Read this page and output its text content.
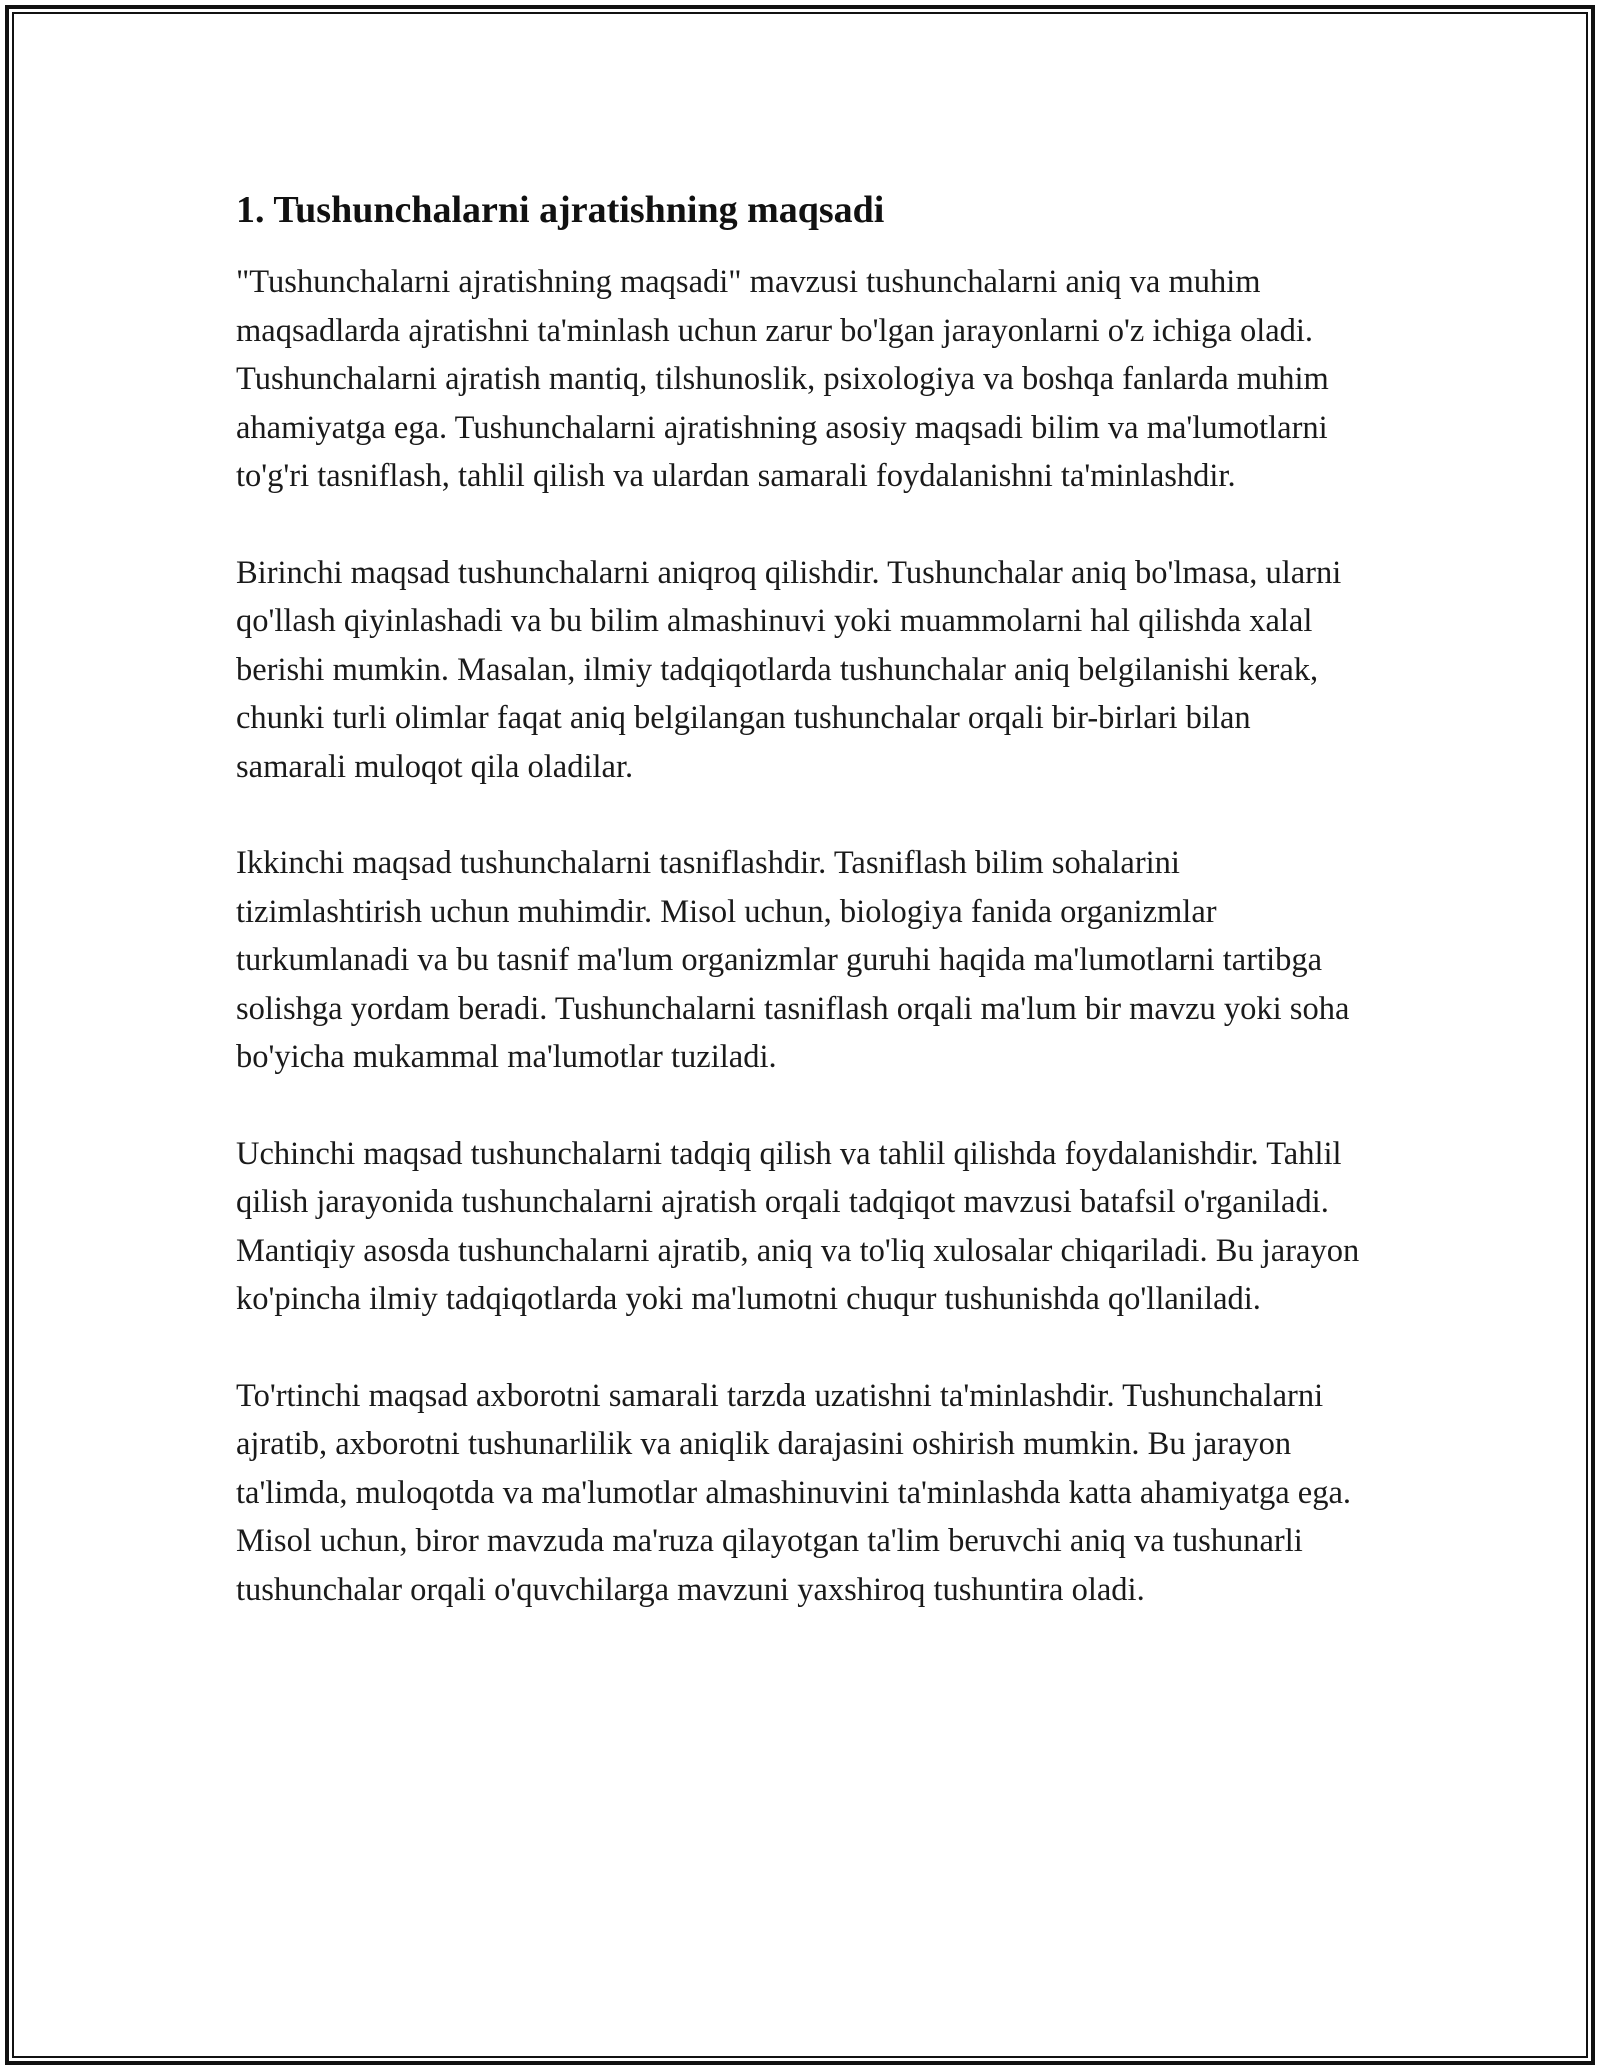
1. Tushunchalarni ajratishning maqsadi

"Tushunchalarni ajratishning maqsadi" mavzusi tushunchalarni aniq va muhim maqsadlarda ajratishni ta'minlash uchun zarur bo'lgan jarayonlarni o'z ichiga oladi. Tushunchalarni ajratish mantiq, tilshunoslik, psixologiya va boshqa fanlarda muhim ahamiyatga ega. Tushunchalarni ajratishning asosiy maqsadi bilim va ma'lumotlarni to'g'ri tasniflash, tahlil qilish va ulardan samarali foydalanishni ta'minlashdir.

Birinchi maqsad tushunchalarni aniqroq qilishdir. Tushunchalar aniq bo'lmasa, ularni qo'llash qiyinlashadi va bu bilim almashinuvi yoki muammolarni hal qilishda xalal berishi mumkin. Masalan, ilmiy tadqiqotlarda tushunchalar aniq belgilanishi kerak, chunki turli olimlar faqat aniq belgilangan tushunchalar orqali bir-birlari bilan samarali muloqot qila oladilar.

Ikkinchi maqsad tushunchalarni tasniflashdir. Tasniflash bilim sohalarini tizimlashtirish uchun muhimdir. Misol uchun, biologiya fanida organizmlar turkumlanadi va bu tasnif ma'lum organizmlar guruhi haqida ma'lumotlarni tartibga solishga yordam beradi. Tushunchalarni tasniflash orqali ma'lum bir mavzu yoki soha bo'yicha mukammal ma'lumotlar tuziladi.

Uchinchi maqsad tushunchalarni tadqiq qilish va tahlil qilishda foydalanishdir. Tahlil qilish jarayonida tushunchalarni ajratish orqali tadqiqot mavzusi batafsil o'rganiladi. Mantiqiy asosda tushunchalarni ajratib, aniq va to'liq xulosalar chiqariladi. Bu jarayon ko'pincha ilmiy tadqiqotlarda yoki ma'lumotni chuqur tushunishda qo'llaniladi.

To'rtinchi maqsad axborotni samarali tarzda uzatishni ta'minlashdir. Tushunchalarni ajratib, axborotni tushunarlilik va aniqlik darajasini oshirish mumkin. Bu jarayon ta'limda, muloqotda va ma'lumotlar almashinuvini ta'minlashda katta ahamiyatga ega. Misol uchun, biror mavzuda ma'ruza qilayotgan ta'lim beruvchi aniq va tushunarli tushunchalar orqali o'quvchilarga mavzuni yaxshiroq tushuntira oladi.
